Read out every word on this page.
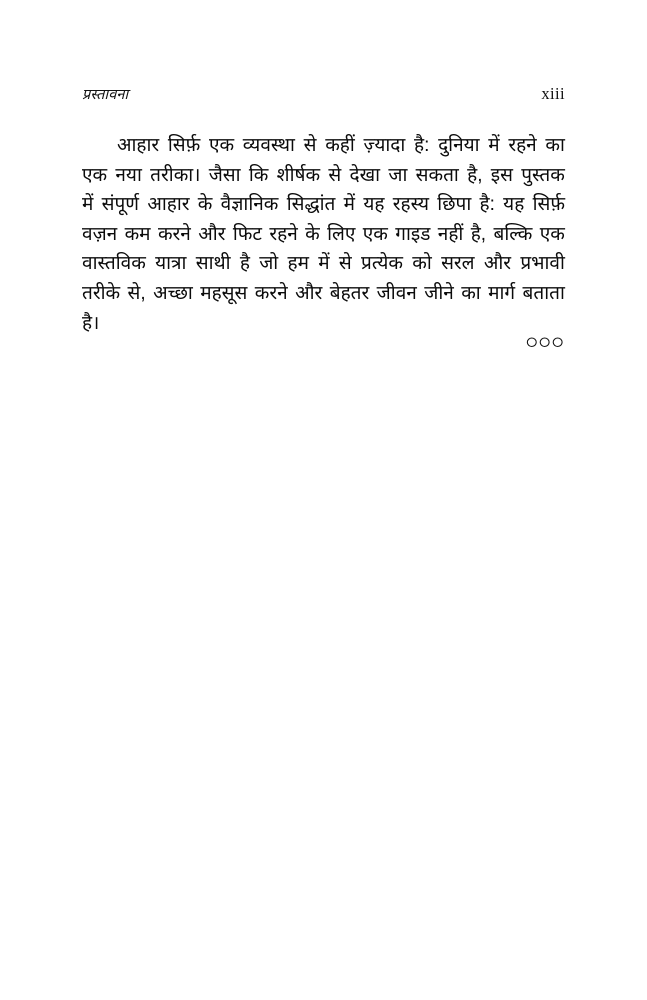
प्रस्तावना	xiii
आहार सिर्फ़ एक व्यवस्था से कहीं ज़्यादा है: दुनिया में रहने का
एक नया तरीका। जैसा कि शीर्षक से देखा जा सकता है, इस पुस्तक
में संपूर्ण आहार के वैज्ञानिक सिद्धांत में यह रहस्य छिपा है: यह सिर्फ़
वज़न कम करने और फिट रहने के लिए एक गाइड नहीं है, बल्कि एक
वास्तविक यात्रा साथी है जो हम में से प्रत्येक को सरल और प्रभावी
तरीके से, अच्छा महसूस करने और बेहतर जीवन जीने का मार्ग बताता
है।
੦੦੦
